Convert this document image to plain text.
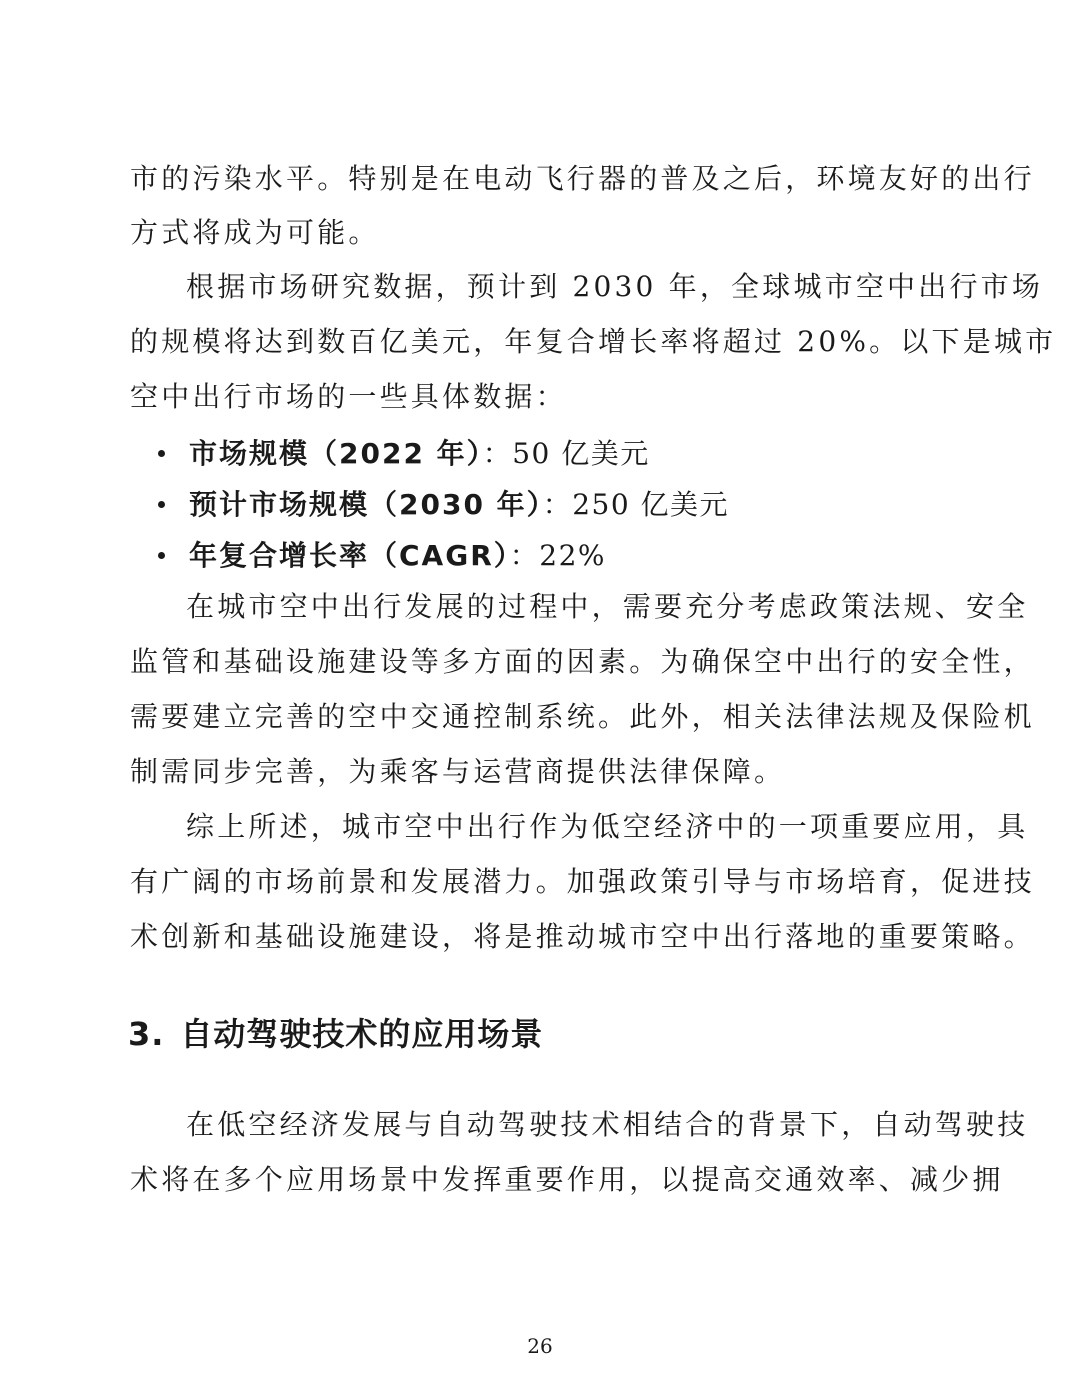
市的污染水平。特别是在电动飞行器的普及之后，环境友好的出行
方式将成为可能。
根据市场研究数据，预计到 2030 年，全球城市空中出行市场
的规模将达到数百亿美元，年复合增长率将超过 20%。以下是城市
空中出行市场的一些具体数据：
市场规模（2022 年）：50 亿美元
预计市场规模（2030 年）：250 亿美元
年复合增长率（CAGR）：22%
在城市空中出行发展的过程中，需要充分考虑政策法规、安全
监管和基础设施建设等多方面的因素。为确保空中出行的安全性，
需要建立完善的空中交通控制系统。此外，相关法律法规及保险机
制需同步完善，为乘客与运营商提供法律保障。
综上所述，城市空中出行作为低空经济中的一项重要应用，具
有广阔的市场前景和发展潜力。加强政策引导与市场培育，促进技
术创新和基础设施建设，将是推动城市空中出行落地的重要策略。
3. 自动驾驶技术的应用场景
在低空经济发展与自动驾驶技术相结合的背景下，自动驾驶技
术将在多个应用场景中发挥重要作用，以提高交通效率、减少拥
26
